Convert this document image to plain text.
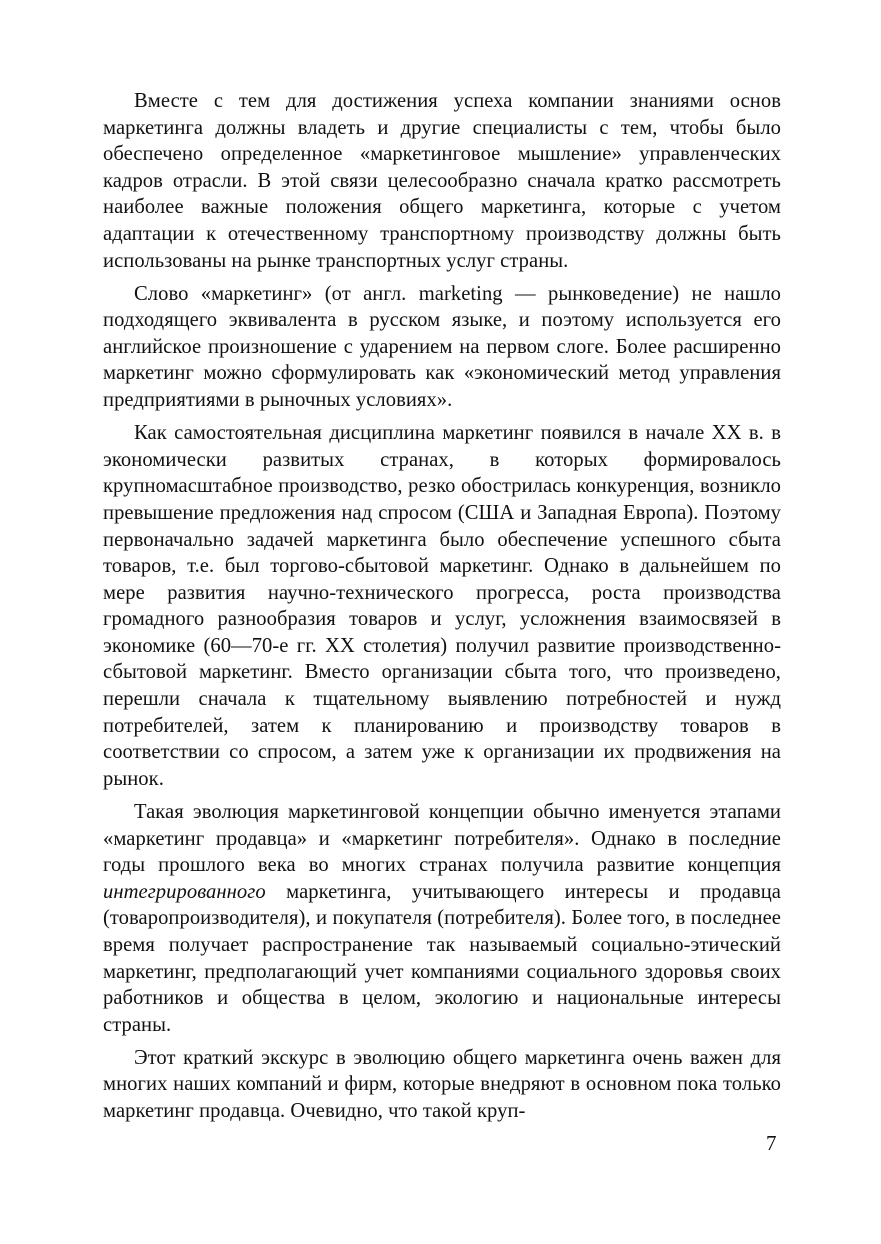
Вместе с тем для достижения успеха компании знаниями основ маркетинга должны владеть и другие специалисты с тем, чтобы было обеспечено определенное «маркетинговое мышление» управленческих кадров отрасли. В этой связи целесообразно сначала кратко рассмотреть наиболее важные положения общего маркетинга, которые с учетом адаптации к отечественному транспортному производству должны быть использованы на рынке транспортных услуг страны.

Слово «маркетинг» (от англ. marketing — рынковедение) не нашло подходящего эквивалента в русском языке, и поэтому используется его английское произношение с ударением на первом слоге. Более расширенно маркетинг можно сформулировать как «экономический метод управления предприятиями в рыночных условиях».

Как самостоятельная дисциплина маркетинг появился в начале XX в. в экономически развитых странах, в которых формировалось крупномасштабное производство, резко обострилась конкуренция, возникло превышение предложения над спросом (США и Западная Европа). Поэтому первоначально задачей маркетинга было обеспечение успешного сбыта товаров, т.е. был торгово-сбытовой маркетинг. Однако в дальнейшем по мере развития научно-технического прогресса, роста производства громадного разнообразия товаров и услуг, усложнения взаимосвязей в экономике (60—70-е гг. XX столетия) получил развитие производственно-сбытовой маркетинг. Вместо организации сбыта того, что произведено, перешли сначала к тщательному выявлению потребностей и нужд потребителей, затем к планированию и производству товаров в соответствии со спросом, а затем уже к организации их продвижения на рынок.

Такая эволюция маркетинговой концепции обычно именуется этапами «маркетинг продавца» и «маркетинг потребителя». Однако в последние годы прошлого века во многих странах получила развитие концепция интегрированного маркетинга, учитывающего интересы и продавца (товаропроизводителя), и покупателя (потребителя). Более того, в последнее время получает распространение так называемый социально-этический маркетинг, предполагающий учет компаниями социального здоровья своих работников и общества в целом, экологию и национальные интересы страны.

Этот краткий экскурс в эволюцию общего маркетинга очень важен для многих наших компаний и фирм, которые внедряют в основном пока только маркетинг продавца. Очевидно, что такой круп-

7
